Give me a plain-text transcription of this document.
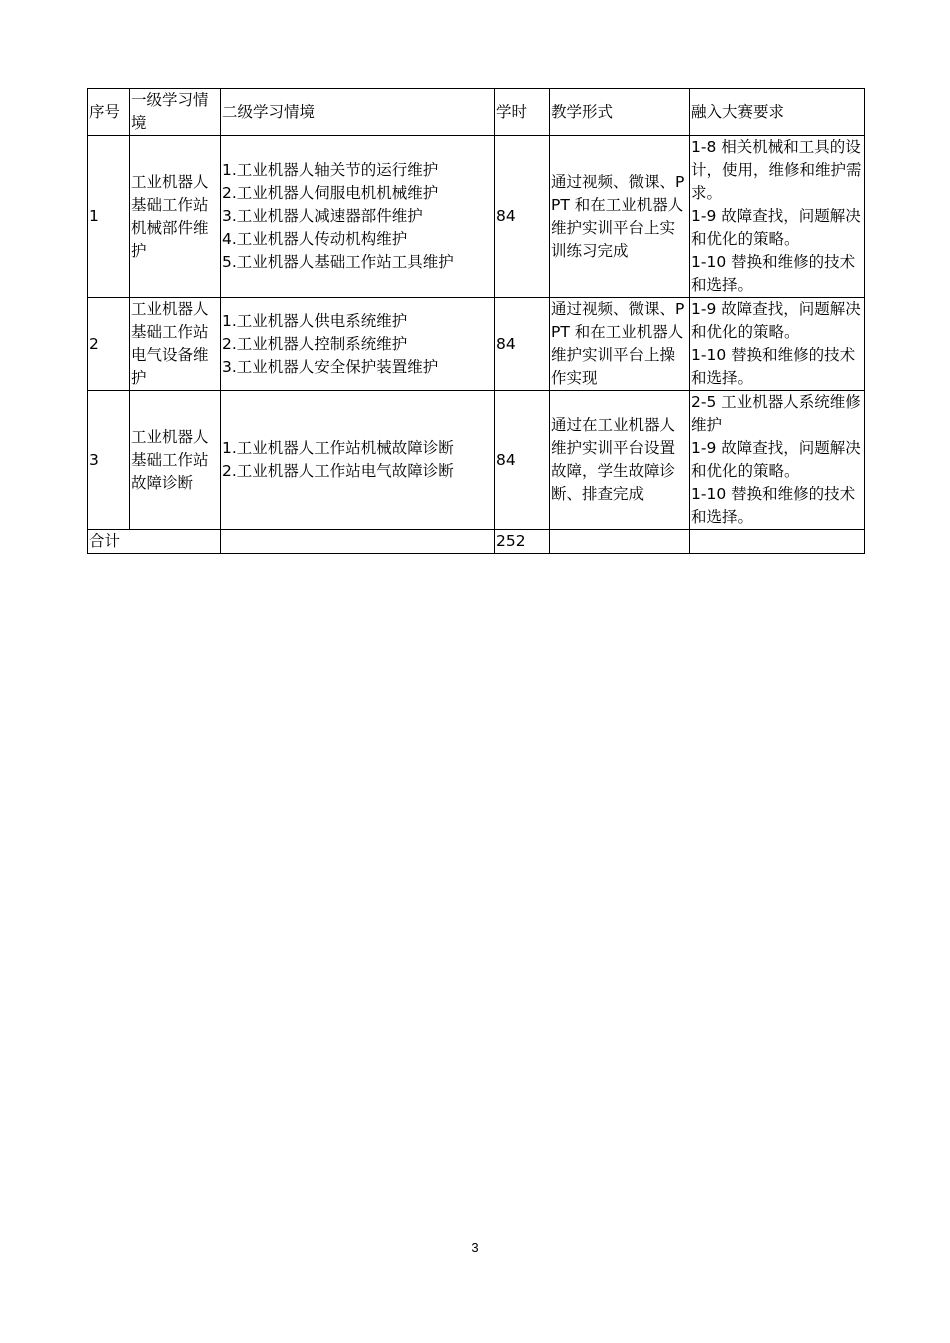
序号	一级学习情境	二级学习情境	学时	教学形式	融入大赛要求
1	工业机器人基础工作站机械部件维护	1.工业机器人轴关节的运行维护
2.工业机器人伺服电机机械维护
3.工业机器人减速器部件维护
4.工业机器人传动机构维护
5.工业机器人基础工作站工具维护	84	通过视频、微课、PPT 和在工业机器人维护实训平台上实训练习完成	1-8 相关机械和工具的设计，使用，维修和维护需求。
1-9 故障查找，问题解决和优化的策略。
1-10 替换和维修的技术和选择。

2	工业机器人基础工作站电气设备维护	1.工业机器人供电系统维护
2.工业机器人控制系统维护
3.工业机器人安全保护装置维护	84	通过视频、微课、PPT 和在工业机器人维护实训平台上操作实现	1-9 故障查找，问题解决和优化的策略。
1-10 替换和维修的技术和选择。

3	工业机器人基础工作站故障诊断	1.工业机器人工作站机械故障诊断
2.工业机器人工作站电气故障诊断	84	通过在工业机器人维护实训平台设置故障，学生故障诊断、排查完成	2-5 工业机器人系统维修维护
1-9 故障查找，问题解决和优化的策略。
1-10 替换和维修的技术和选择。

合计			252		
3
